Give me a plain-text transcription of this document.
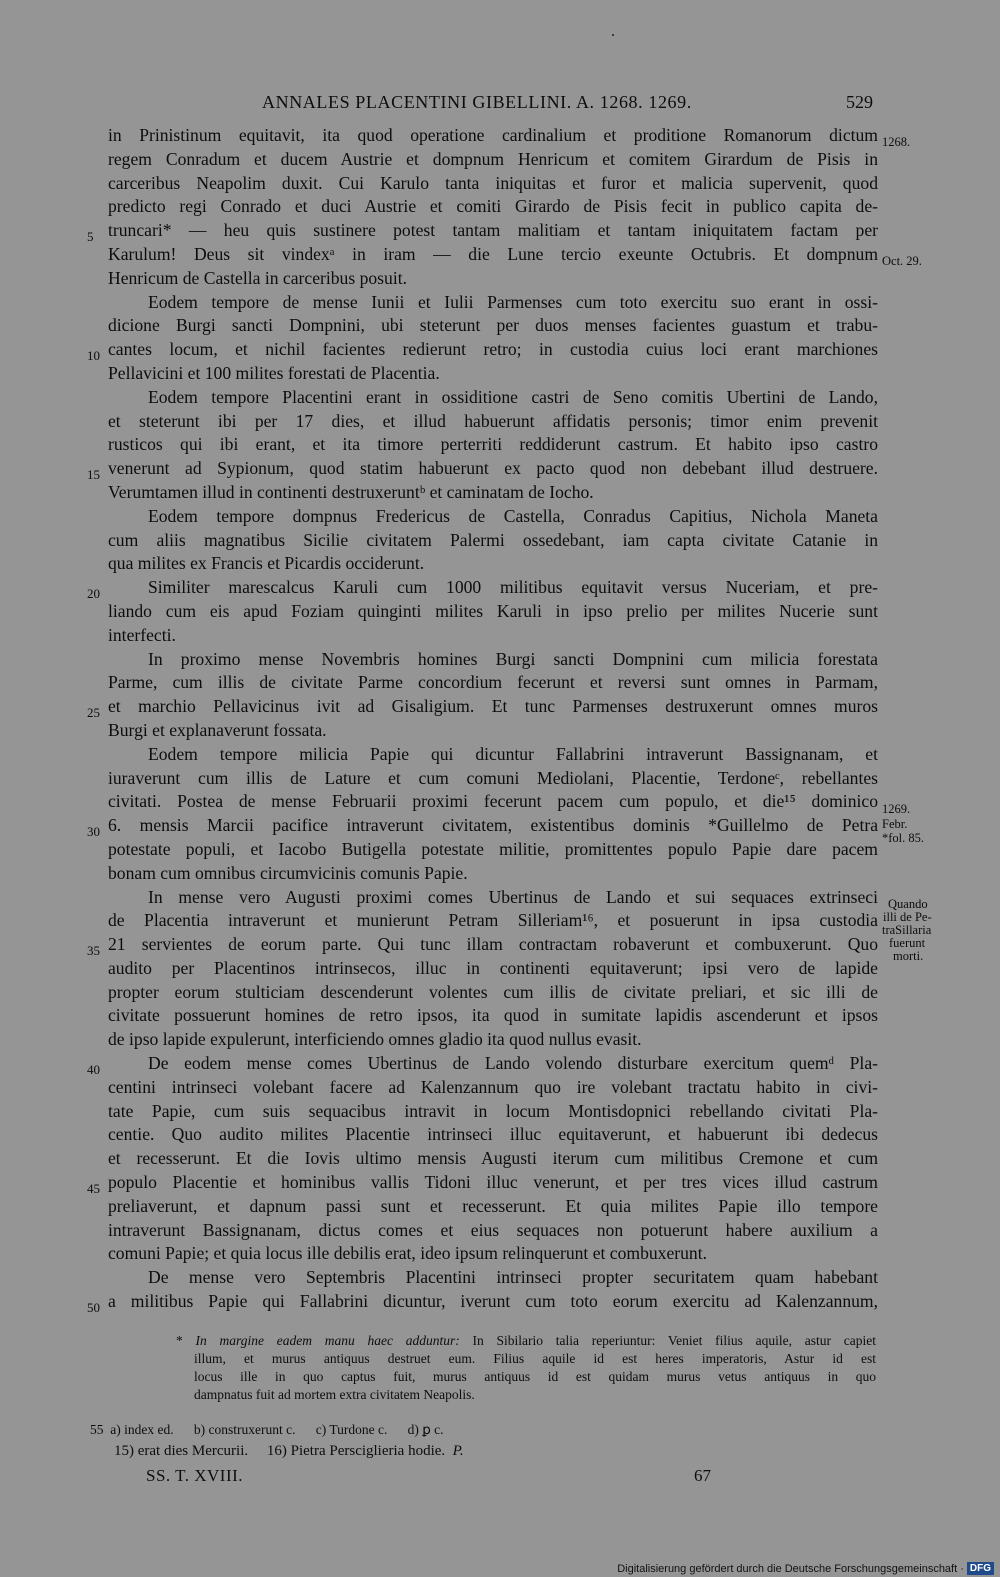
ANNALES PLACENTINI GIBELLINI. A. 1268. 1269.	529
in Prinistinum equitavit, ita quod operatione cardinalium et proditione Romanorum dictum
regem Conradum et ducem Austrie et dompnum Henricum et comitem Girardum de Pisis in
carceribus Neapolim duxit. Cui Karulo tanta iniquitas et furor et malicia supervenit, quod
predicto regi Conrado et duci Austrie et comiti Girardo de Pisis fecit in publico capita de-
truncari* — heu quis sustinere potest tantam malitiam et tantam iniquitatem factam per
Karulum! Deus sit vindexᵃ in iram — die Lune tercio exeunte Octubris. Et dompnum
Henricum de Castella in carceribus posuit.
Eodem tempore de mense Iunii et Iulii Parmenses cum toto exercitu suo erant in ossi-
dicione Burgi sancti Dompnini, ubi steterunt per duos menses facientes guastum et trabu-
cantes locum, et nichil facientes redierunt retro; in custodia cuius loci erant marchiones
Pellavicini et 100 milites forestati de Placentia.
Eodem tempore Placentini erant in ossiditione castri de Seno comitis Ubertini de Lando,
et steterunt ibi per 17 dies, et illud habuerunt affidatis personis; timor enim prevenit
rusticos qui ibi erant, et ita timore perterriti reddiderunt castrum. Et habito ipso castro
venerunt ad Sypionum, quod statim habuerunt ex pacto quod non debebant illud destruere.
Verumtamen illud in continenti destruxeruntᵇ et caminatam de Iocho.
Eodem tempore dompnus Fredericus de Castella, Conradus Capitius, Nichola Maneta
cum aliis magnatibus Sicilie civitatem Palermi ossedebant, iam capta civitate Catanie in
qua milites ex Francis et Picardis occiderunt.
Similiter marescalcus Karuli cum 1000 militibus equitavit versus Nuceriam, et pre-
liando cum eis apud Foziam quinginti milites Karuli in ipso prelio per milites Nucerie sunt
interfecti.
In proximo mense Novembris homines Burgi sancti Dompnini cum milicia forestata
Parme, cum illis de civitate Parme concordium fecerunt et reversi sunt omnes in Parmam,
et marchio Pellavicinus ivit ad Gisaligium. Et tunc Parmenses destruxerunt omnes muros
Burgi et explanaverunt fossata.
Eodem tempore milicia Papie qui dicuntur Fallabrini intraverunt Bassignanam, et
iuraverunt cum illis de Lature et cum comuni Mediolani, Placentie, Terdoneᶜ, rebellantes
civitati. Postea de mense Februarii proximi fecerunt pacem cum populo, et die¹⁵ dominico
6. mensis Marcii pacifice intraverunt civitatem, existentibus dominis *Guillelmo de Petra
potestate populi, et Iacobo Butigella potestate militie, promittentes populo Papie dare pacem
bonam cum omnibus circumvicinis comunis Papie.
In mense vero Augusti proximi comes Ubertinus de Lando et sui sequaces extrinseci
de Placentia intraverunt et munierunt Petram Silleriam¹⁶, et posuerunt in ipsa custodia
21 servientes de eorum parte. Qui tunc illam contractam robaverunt et combuxerunt. Quo
audito per Placentinos intrinsecos, illuc in continenti equitaverunt; ipsi vero de lapide
propter eorum stulticiam descenderunt volentes cum illis de civitate preliari, et sic illi de
civitate possuerunt homines de retro ipsos, ita quod in sumitate lapidis ascenderunt et ipsos
de ipso lapide expulerunt, interficiendo omnes gladio ita quod nullus evasit.
De eodem mense comes Ubertinus de Lando volendo disturbare exercitum quemᵈ Pla-
centini intrinseci volebant facere ad Kalenzannum quo ire volebant tractatu habito in civi-
tate Papie, cum suis sequacibus intravit in locum Montisdopnici rebellando civitati Pla-
centie. Quo audito milites Placentie intrinseci illuc equitaverunt, et habuerunt ibi dedecus
et recesserunt. Et die Iovis ultimo mensis Augusti iterum cum militibus Cremone et cum
populo Placentie et hominibus vallis Tidoni illuc venerunt, et per tres vices illud castrum
preliaverunt, et dapnum passi sunt et recesserunt. Et quia milites Papie illo tempore
intraverunt Bassignanam, dictus comes et eius sequaces non potuerunt habere auxilium a
comuni Papie; et quia locus ille debilis erat, ideo ipsum relinquerunt et combuxerunt.
De mense vero Septembris Placentini intrinseci propter securitatem quam habebant
a militibus Papie qui Fallabrini dicuntur, iverunt cum toto eorum exercitu ad Kalenzannum,
5
10
15
20
25
30
35
40
45
50
1268.
Oct. 29.
1269.
Febr.
*fol. 85.
Quando
illi de Pe-
traSillaria
fuerunt
morti.
* In margine eadem manu haec adduntur: In Sibilario talia reperiuntur: Veniet filius aquile, astur capiet
illum, et murus antiquus destruet eum. Filius aquile id est heres imperatoris, Astur id est
locus ille in quo captus fuit, murus antiquus id est quidam murus vetus antiquus in quo
dampnatus fuit ad mortem extra civitatem Neapolis.
55 a) index ed. b) construxerunt c. c) Turdone c. d) ꝑ c.
15) erat dies Mercurii. 16) Pietra Persciglieria hodie. P.
SS. T. XVIII.	67
Digitalisierung gefördert durch die Deutsche Forschungsgemeinschaft · DFG
